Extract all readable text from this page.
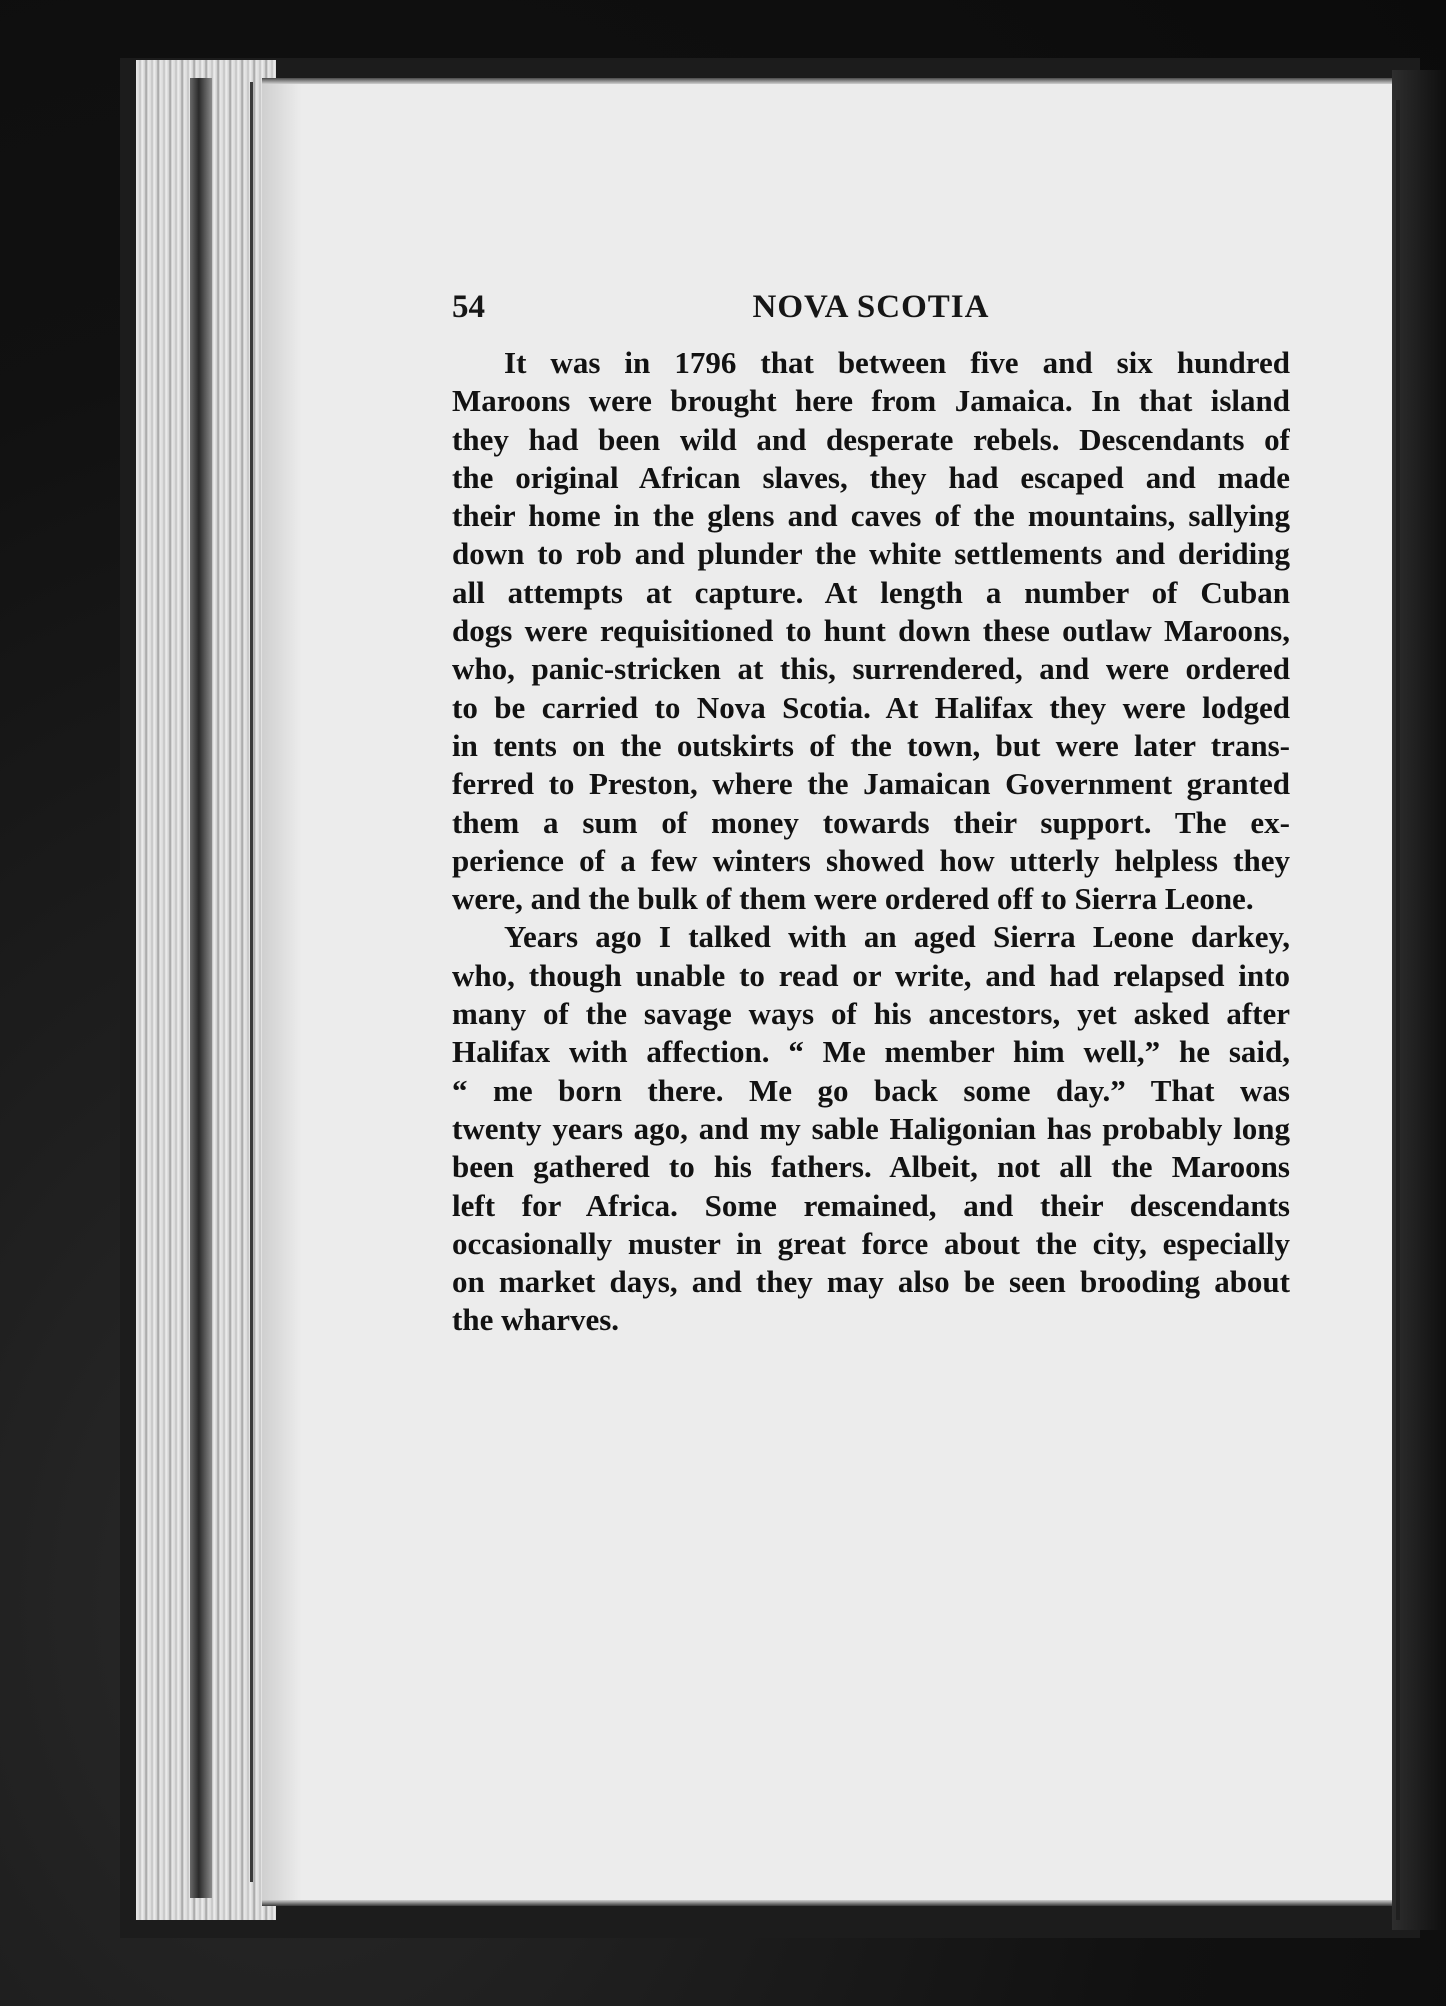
54	NOVA SCOTIA
It was in 1796 that between five and six hundred
Maroons were brought here from Jamaica. In that island
they had been wild and desperate rebels. Descendants of
the original African slaves, they had escaped and made
their home in the glens and caves of the mountains, sallying
down to rob and plunder the white settlements and deriding
all attempts at capture. At length a number of Cuban
dogs were requisitioned to hunt down these outlaw Maroons,
who, panic-stricken at this, surrendered, and were ordered
to be carried to Nova Scotia. At Halifax they were lodged
in tents on the outskirts of the town, but were later trans-
ferred to Preston, where the Jamaican Government granted
them a sum of money towards their support. The ex-
perience of a few winters showed how utterly helpless they
were, and the bulk of them were ordered off to Sierra Leone.
Years ago I talked with an aged Sierra Leone darkey,
who, though unable to read or write, and had relapsed into
many of the savage ways of his ancestors, yet asked after
Halifax with affection. “ Me member him well,” he said,
“ me born there. Me go back some day.” That was
twenty years ago, and my sable Haligonian has probably long
been gathered to his fathers. Albeit, not all the Maroons
left for Africa. Some remained, and their descendants
occasionally muster in great force about the city, especially
on market days, and they may also be seen brooding about
the wharves.
